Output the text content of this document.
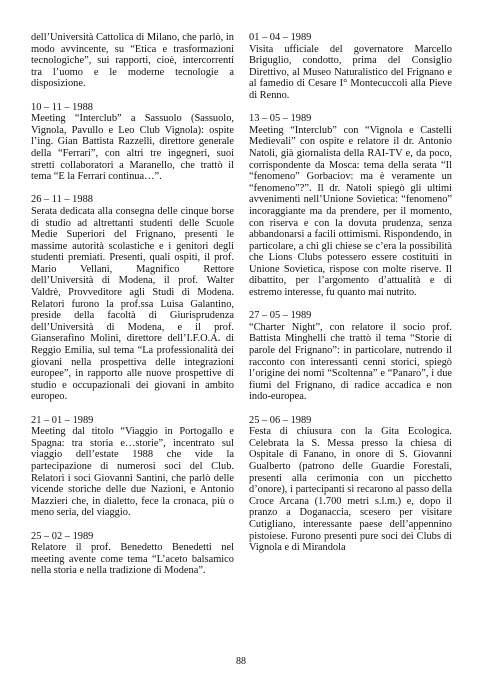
dell’Università Cattolica di Milano, che parlò, in modo avvincente, su “Etica e trasformazioni tecnologiche”, sui rapporti, cioè, intercorrenti tra l’uomo e le moderne tecnologie a disposizione.
10 – 11 – 1988
Meeting “Interclub” a Sassuolo (Sassuolo, Vignola, Pavullo e Leo Club Vignola): ospite l’ing. Gian Battista Razzelli, direttore generale della “Ferrari”, con altri tre ingegneri, suoi stretti collaboratori a Maranello, che trattò il tema “E la Ferrari continua…”.
26 – 11 – 1988
Serata dedicata alla consegna delle cinque borse di studio ad altrettanti studenti delle Scuole Medie Superiori del Frignano, presenti le massime autorità scolastiche e i genitori degli studenti premiati. Presenti, quali ospiti, il prof. Mario Vellani, Magnifico Rettore dell’Università di Modena, il prof. Walter Valdrè, Provveditore agli Studi di Modena. Relatori furono la prof.ssa Luisa Galantino, preside della facoltà di Giurisprudenza dell’Università di Modena, e il prof. Gianserafino Molini, direttore dell’I.F.O.A. di Reggio Emilia, sul tema “La professionalità dei giovani nella prospettiva delle integrazioni europee”, in rapporto alle nuove prospettive di studio e occupazionali dei giovani in ambito europeo.
21 – 01 – 1989
Meeting dal titolo “Viaggio in Portogallo e Spagna: tra storia e…storie”, incentrato sul viaggio dell’estate 1988 che vide la partecipazione di numerosi soci del Club. Relatori i soci Giovanni Santini, che parlò delle vicende storiche delle due Nazioni, e Antonio Mazzieri che, in dialetto, fece la cronaca, più o meno seria, del viaggio.
25 – 02 – 1989
Relatore il prof. Benedetto Benedetti nel meeting avente come tema “L’aceto balsamico nella storia e nella tradizione di Modena”.
01 – 04 – 1989
Visita ufficiale del governatore Marcello Briguglio, condotto, prima del Consiglio Direttivo, al Museo Naturalistico del Frignano e al famedio di Cesare I° Montecuccoli alla Pieve di Renno.
13 – 05 – 1989
Meeting “Interclub” con “Vignola e Castelli Medievali” con ospite e relatore il dr. Antonio Natoli, già giornalista della RAI-TV e, da poco, corrispondente da Mosca: tema della serata “Il “fenomeno” Gorbaciov: ma è veramente un “fenomeno”?”. Il dr. Natoli spiegò gli ultimi avvenimenti nell’Unione Sovietica: “fenomeno” incoraggiante ma da prendere, per il momento, con riserva e con la dovuta prudenza, senza abbandonarsi a facili ottimismi. Rispondendo, in particolare, a chi gli chiese se c’era la possibilità che Lions Clubs potessero essere costituiti in Unione Sovietica, rispose con molte riserve. Il dibattito, per l’argomento d’attualità e di estremo interesse, fu quanto mai nutrito.
27 – 05 – 1989
“Charter Night”, con relatore il socio prof. Battista Minghelli che trattò il tema “Storie di parole del Frignano”: in particolare, nutrendo il racconto con interessanti cenni storici, spiegò l’origine dei nomi “Scoltenna” e “Panaro”, i due fiumi del Frignano, di radice accadica e non indo-europea.
25 – 06 – 1989
Festa di chiusura con la Gita Ecologica. Celebrata la S. Messa presso la chiesa di Ospitale di Fanano, in onore di S. Giovanni Gualberto (patrono delle Guardie Forestali, presenti alla cerimonia con un picchetto d’onore), i partecipanti si recarono al passo della Croce Arcana (1.700 metri s.l.m.) e, dopo il pranzo a Doganaccia, scesero per visitare Cutigliano, interessante paese dell’appennino pistoiese. Furono presenti pure soci dei Clubs di Vignola e di Mirandola
88
